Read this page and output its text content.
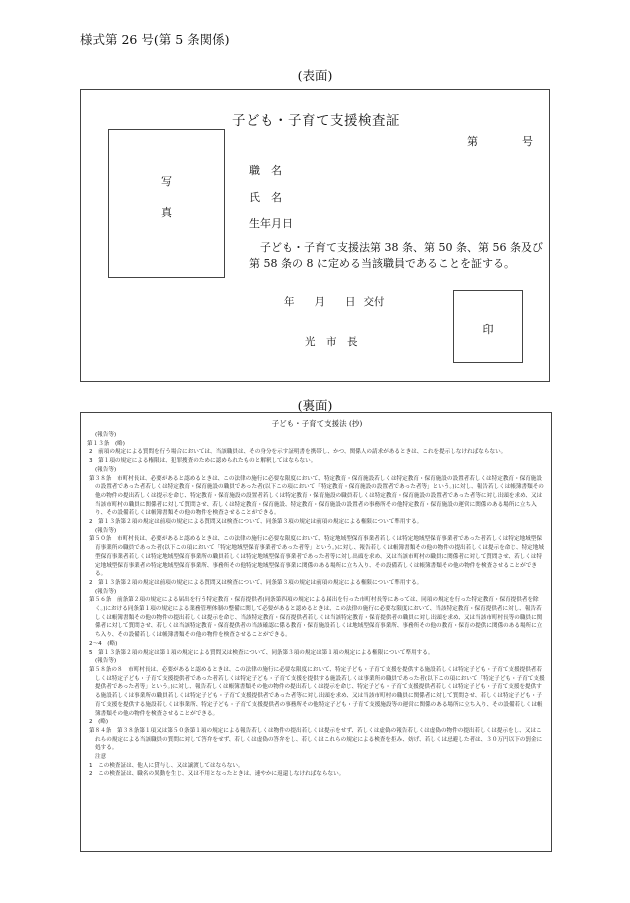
様式第 26 号(第 5 条関係)
(表面)
子ども・子育て支援検査証
第	号
写
真
職　名
氏　名
生年月日
子ども・子育て支援法第 38 条、第 50 条、第 56 条及び第 58 条の 8 に定める当該職員であることを証する。
年 月 日 交付
光　市　長
印
(裏面)
子ども・子育て支援法 (抄)

(報告等)

第１３条　(略)

2　前項の規定による質問を行う場合においては、当該職員は、その身分を示す証明書を携帯し、かつ、関係人の請求があるときは、これを提示しなければならない。

3　第１項の規定による権限は、犯罪捜査のために認められたものと解釈してはならない。

(報告等)

第３８条　市町村長は、必要があると認めるときは、この法律の施行に必要な限度において、特定教育・保育施設若しくは特定教育・保育施設の設置者若しくは特定教育・保育施設の設置者であった者若しくは特定教育・保育施設の職員であった者(以下この項において「特定教育・保育施設の設置者であった者等」という。)に対し、報告若しくは帳簿書類その他の物件の提出若しくは提示を命じ、特定教育・保育施設の設置者若しくは特定教育・保育施設の職員若しくは特定教育・保育施設の設置者であった者等に対し出頭を求め、又は当該市町村の職員に関係者に対して質問させ、若しくは特定教育・保育施設、特定教育・保育施設の設置者の事務所その他特定教育・保育施設の運営に関係のある場所に立ち入り、その設備若しくは帳簿書類その他の物件を検査させることができる。

2　第１３条第２項の規定は前項の規定による質問又は検査について、同条第３項の規定は前項の規定による権限について準用する。

(報告等)

第５０条　市町村長は、必要があると認めるときは、この法律の施行に必要な限度において、特定地域型保育事業者若しくは特定地域型保育事業者であった者若しくは特定地域型保育事業所の職員であった者(以下この項において「特定地域型保育事業者であった者等」という。)に対し、報告若しくは帳簿書類その他の物件の提出若しくは提示を命じ、特定地域型保育事業者若しくは特定地域型保育事業所の職員若しくは特定地域型保育事業者であった者等に対し出頭を求め、又は当該市町村の職員に関係者に対して質問させ、若しくは特定地域型保育事業者の特定地域型保育事業所、事務所その他特定地域型保育事業に関係のある場所に立ち入り、その設備若しくは帳簿書類その他の物件を検査させることができる。

2　第１３条第２項の規定は前項の規定による質問又は検査について、同条第３項の規定は前項の規定による権限について準用する。

(報告等)

第５６条　前条第２項の規定による届出を行う特定教育・保育提供者(同条第四項の規定による届出を行った市町村長等にあっては、同項の規定を行った特定教育・保育提供者を除く。)における同条第１項の規定による業務管理体制の整備に関して必要があると認めるときは、この法律の施行に必要な限度において、当該特定教育・保育提供者に対し、報告若しくは帳簿書類その他の物件の提出若しくは提示を命じ、当該特定教育・保育提供者若しくは当該特定教育・保育提供者の職員に対し出頭を求め、又は当該市町村長等の職員に関係者に対して質問させ、若しくは当該特定教育・保育提供者の当該確認に係る教育・保育施設若しくは地域型保育事業所、事務所その他の教育・保育の提供に関係のある場所に立ち入り、その設備若しくは帳簿書類その他の物件を検査させることができる。

2〜4　(略)

5　第１３条第２項の規定は第１項の規定による質問又は検査について、同条第３項の規定は第１項の規定による権限について準用する。

(報告等)

第５８条の８　市町村長は、必要があると認めるときは、この法律の施行に必要な限度において、特定子ども・子育て支援を提供する施設若しくは特定子ども・子育て支援提供者若しくは特定子ども・子育て支援提供者であった者若しくは特定子ども・子育て支援を提供する施設若しくは事業所の職員であった者(以下この項において「特定子ども・子育て支援提供者であった者等」という。)に対し、報告若しくは帳簿書類その他の物件の提出若しくは提示を命じ、特定子ども・子育て支援提供者若しくは特定子ども・子育て支援を提供する施設若しくは事業所の職員若しくは特定子ども・子育て支援提供者であった者等に対し出頭を求め、又は当該市町村の職員に関係者に対して質問させ、若しくは特定子ども・子育て支援を提供する施設若しくは事業所、特定子ども・子育て支援提供者の事務所その他特定子ども・子育て支援施設等の運営に関係のある場所に立ち入り、その設備若しくは帳簿書類その他の物件を検査させることができる。

2　(略)

第８４条　第３８条第１項又は第５０条第１項の規定による報告若しくは物件の提出若しくは提示をせず、若しくは虚偽の報告若しくは虚偽の物件の提出若しくは提示をし、又はこれらの規定による当該職員の質問に対して答弁をせず、若しくは虚偽の答弁をし、若しくはこれらの規定による検査を拒み、妨げ、若しくは忌避した者は、３０万円以下の罰金に処する。

注意

1　この検査証は、他人に貸与し、又は譲渡してはならない。

2　この検査証は、職名の異動を生じ、又は不用となったときは、速やかに返還しなければならない。
